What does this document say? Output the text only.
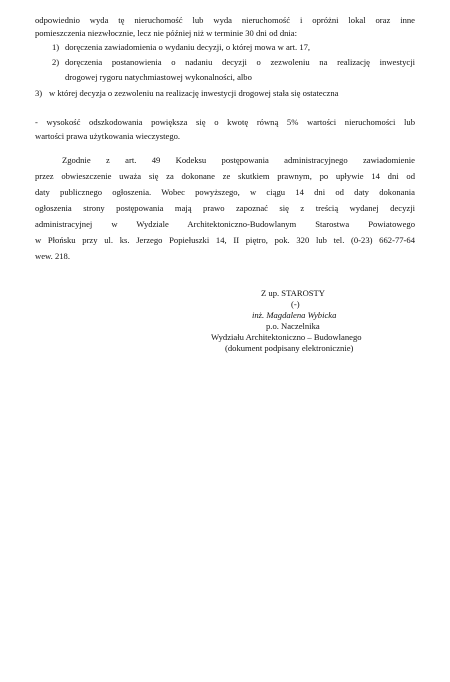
odpowiednio wyda tę nieruchomość lub wyda nieruchomość i opróżni lokal oraz inne
pomieszczenia niezwłocznie, lecz nie później niż w terminie 30 dni od dnia:
1) doręczenia zawiadomienia o wydaniu decyzji, o której mowa w art. 17,
2) doręczenia postanowienia o nadaniu decyzji o zezwoleniu na realizację inwestycji
drogowej rygoru natychmiastowej wykonalności, albo
3) w której decyzja o zezwoleniu na realizację inwestycji drogowej stała się ostateczna
- wysokość odszkodowania powiększa się o kwotę równą 5% wartości nieruchomości lub
wartości prawa użytkowania wieczystego.
Zgodnie z art. 49 Kodeksu postępowania administracyjnego zawiadomienie
przez obwieszczenie uważa się za dokonane ze skutkiem prawnym, po upływie 14 dni od
daty publicznego ogłoszenia. Wobec powyższego, w ciągu 14 dni od daty dokonania
ogłoszenia strony postępowania mają prawo zapoznać się z treścią wydanej decyzji
administracyjnej w Wydziale Architektoniczno-Budowlanym Starostwa Powiatowego
w Płońsku przy ul. ks. Jerzego Popiełuszki 14, II piętro, pok. 320 lub tel. (0-23) 662-77-64
wew. 218.
Z up. STAROSTY
(-)
inż. Magdalena Wybicka
p.o. Naczelnika
Wydziału Architektoniczno – Budowlanego
(dokument podpisany elektronicznie)
